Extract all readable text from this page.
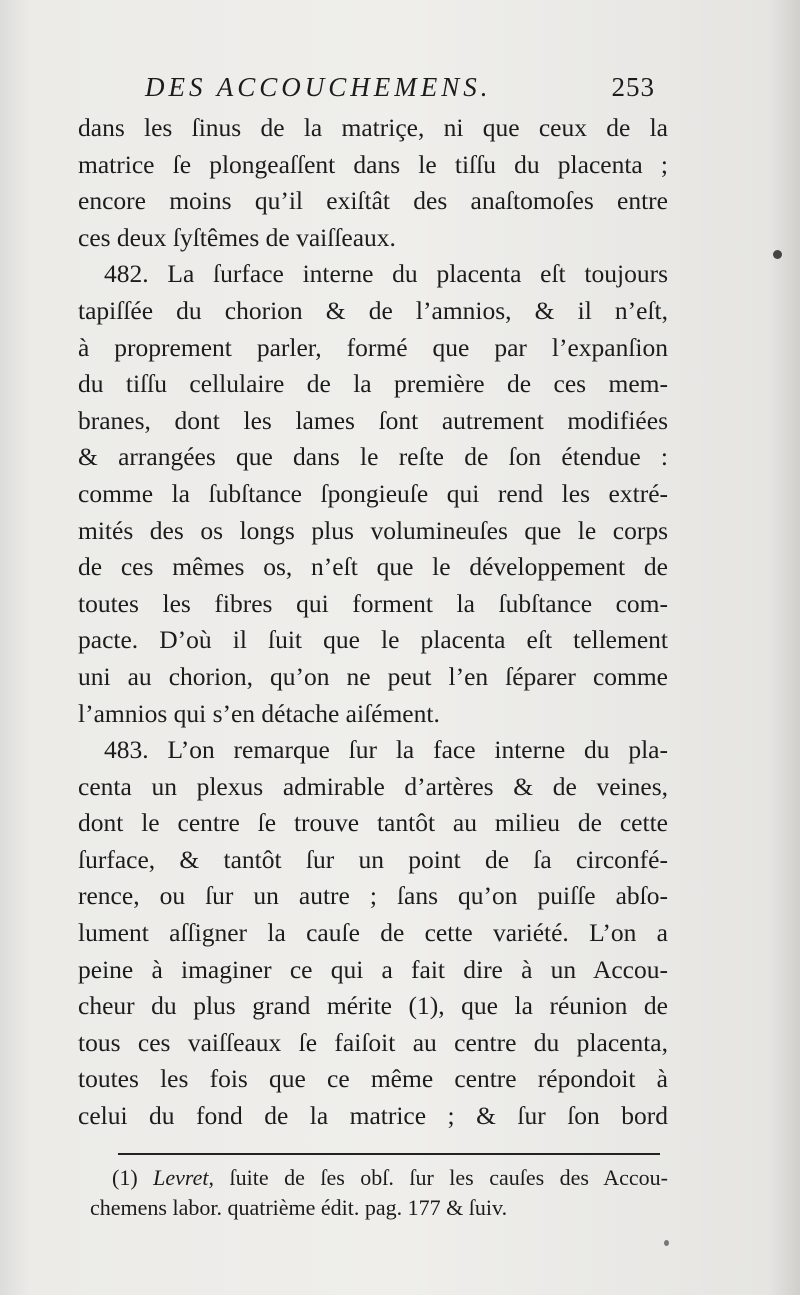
DES ACCOUCHEMENS.	253
dans les ſinus de la matriçe, ni que ceux de la
matrice ſe plongeaſſent dans le tiſſu du placenta ;
encore moins qu’il exiſtât des anaſtomoſes entre
ces deux ſyſtêmes de vaiſſeaux.
482. La ſurface interne du placenta eſt toujours
tapiſſée du chorion & de l’amnios, & il n’eſt,
à proprement parler, formé que par l’expanſion
du tiſſu cellulaire de la première de ces mem-
branes, dont les lames ſont autrement modifiées
& arrangées que dans le reſte de ſon étendue :
comme la ſubſtance ſpongieuſe qui rend les extré-
mités des os longs plus volumineuſes que le corps
de ces mêmes os, n’eſt que le développement de
toutes les fibres qui forment la ſubſtance com-
pacte. D’où il ſuit que le placenta eſt tellement
uni au chorion, qu’on ne peut l’en ſéparer comme
l’amnios qui s’en détache aiſément.
483. L’on remarque ſur la face interne du pla-
centa un plexus admirable d’artères & de veines,
dont le centre ſe trouve tantôt au milieu de cette
ſurface, & tantôt ſur un point de ſa circonfé-
rence, ou ſur un autre ; ſans qu’on puiſſe abſo-
lument aſſigner la cauſe de cette variété. L’on a
peine à imaginer ce qui a fait dire à un Accou-
cheur du plus grand mérite (1), que la réunion de
tous ces vaiſſeaux ſe faiſoit au centre du placenta,
toutes les fois que ce même centre répondoit à
celui du fond de la matrice ; & ſur ſon bord
(1) Levret, ſuite de ſes obſ. ſur les cauſes des Accou-
chemens labor. quatrième édit. pag. 177 & ſuiv.
